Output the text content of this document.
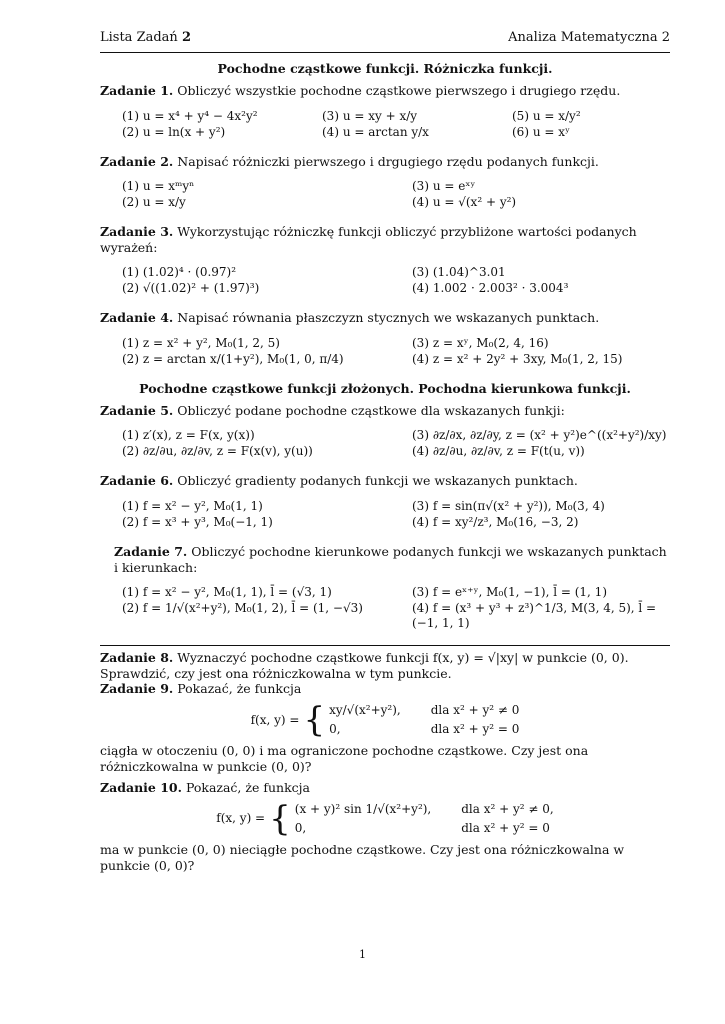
Lista Zadań 2	Analiza Matematyczna 2
Pochodne cząstkowe funkcji. Różniczka funkcji.

Zadanie 1. Obliczyć wszystkie pochodne cząstkowe pierwszego i drugiego rzędu.

(1) u = x⁴ + y⁴ − 4x²y²	(3) u = xy + x/y	(5) u = x/y²
(2) u = ln(x + y²)	(4) u = arctan y/x	(6) u = xʸ

Zadanie 2. Napisać różniczki pierwszego i drgugiego rzędu podanych funkcji.

(1) u = xᵐyⁿ	(3) u = eˣʸ
(2) u = x/y	(4) u = √(x² + y²)

Zadanie 3. Wykorzystując różniczkę funkcji obliczyć przybliżone wartości podanych wyrażeń:

(1) (1.02)⁴ · (0.97)²	(3) (1.04)^3.01
(2) √((1.02)² + (1.97)³)	(4) 1.002 · 2.003² · 3.004³

Zadanie 4. Napisać równania płaszczyzn stycznych we wskazanych punktach.

(1) z = x² + y², M₀(1, 2, 5)	(3) z = xʸ, M₀(2, 4, 16)
(2) z = arctan x/(1+y²), M₀(1, 0, π/4)	(4) z = x² + 2y² + 3xy, M₀(1, 2, 15)
Pochodne cząstkowe funkcji złożonych. Pochodna kierunkowa funkcji.

Zadanie 5. Obliczyć podane pochodne cząstkowe dla wskazanych funkji:

(1) z′(x), z = F(x, y(x))	(3) ∂z/∂x, ∂z/∂y, z = (x² + y²)e^((x²+y²)/xy)
(2) ∂z/∂u, ∂z/∂v, z = F(x(v), y(u))	(4) ∂z/∂u, ∂z/∂v, z = F(t(u, v))

Zadanie 6. Obliczyć gradienty podanych funkcji we wskazanych punktach.

(1) f = x² − y², M₀(1, 1)	(3) f = sin(π√(x² + y²)), M₀(3, 4)
(2) f = x³ + y³, M₀(−1, 1)	(4) f = xy²/z³, M₀(16, −3, 2)

Zadanie 7. Obliczyć pochodne kierunkowe podanych funkcji we wskazanych punktach i kierunkach:

(1) f = x² − y², M₀(1, 1), l̄ = (√3, 1)	(3) f = eˣ⁺ʸ, M₀(1, −1), l̄ = (1, 1)
(2) f = 1/√(x²+y²), M₀(1, 2), l̄ = (1, −√3)	(4) f = (x³ + y³ + z³)^1/3, M(3, 4, 5), l̄ = (−1, 1, 1)

Zadanie 8. Wyznaczyć pochodne cząstkowe funkcji f(x, y) = √|xy| w punkcie (0, 0). Sprawdzić, czy jest ona różniczkowalna w tym punkcie.

Zadanie 9. Pokazać, że funkcja

f(x, y) = { xy/√(x²+y²),	dla x² + y² ≠ 0
0,	dla x² + y² = 0

ciągła w otoczeniu (0, 0) i ma ograniczone pochodne cząstkowe. Czy jest ona różniczkowalna w punkcie (0, 0)?

Zadanie 10. Pokazać, że funkcja

f(x, y) = { (x + y)² sin 1/√(x²+y²),	dla x² + y² ≠ 0,
0,	dla x² + y² = 0

ma w punkcie (0, 0) nieciągłe pochodne cząstkowe. Czy jest ona różniczkowalna w punkcie (0, 0)?

1
